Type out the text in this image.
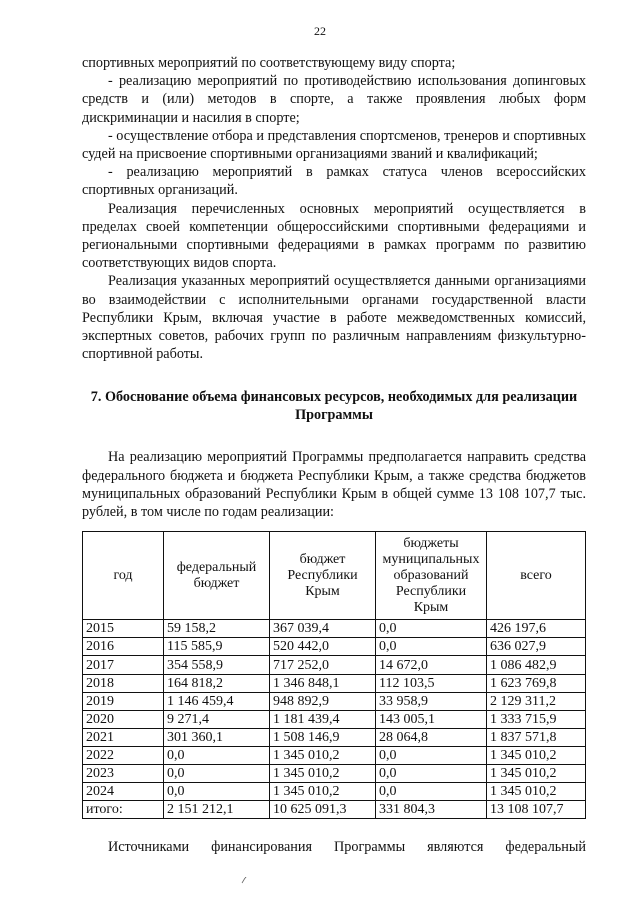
22

спортивных мероприятий по соответствующему виду спорта;

- реализацию мероприятий по противодействию использования допинговых средств и (или) методов в спорте, а также проявления любых форм дискриминации и насилия в спорте;

- осуществление отбора и представления спортсменов, тренеров и спортивных судей на присвоение спортивными организациями званий и квалификаций;

- реализацию мероприятий в рамках статуса членов всероссийских спортивных организаций.

Реализация перечисленных основных мероприятий осуществляется в пределах своей компетенции общероссийскими спортивными федерациями и региональными спортивными федерациями в рамках программ по развитию соответствующих видов спорта.

Реализация указанных мероприятий осуществляется данными организациями во взаимодействии с исполнительными органами государственной власти Республики Крым, включая участие в работе межведомственных комиссий, экспертных советов, рабочих групп по различным направлениям физкультурно-спортивной работы.

7. Обоснование объема финансовых ресурсов, необходимых для реализации Программы

На реализацию мероприятий Программы предполагается направить средства федерального бюджета и бюджета Республики Крым, а также средства бюджетов муниципальных образований Республики Крым в общей сумме 13 108 107,7 тыс. рублей, в том числе по годам реализации:

год	федеральный бюджет	бюджет Республики Крым	бюджеты муниципальных образований Республики Крым	всего
2015	59 158,2	367 039,4	0,0	426 197,6
2016	115 585,9	520 442,0	0,0	636 027,9
2017	354 558,9	717 252,0	14 672,0	1 086 482,9
2018	164 818,2	1 346 848,1	112 103,5	1 623 769,8
2019	1 146 459,4	948 892,9	33 958,9	2 129 311,2
2020	9 271,4	1 181 439,4	143 005,1	1 333 715,9
2021	301 360,1	1 508 146,9	28 064,8	1 837 571,8
2022	0,0	1 345 010,2	0,0	1 345 010,2
2023	0,0	1 345 010,2	0,0	1 345 010,2
2024	0,0	1 345 010,2	0,0	1 345 010,2
итого:	2 151 212,1	10 625 091,3	331 804,3	13 108 107,7
Источниками финансирования Программы являются федеральный
